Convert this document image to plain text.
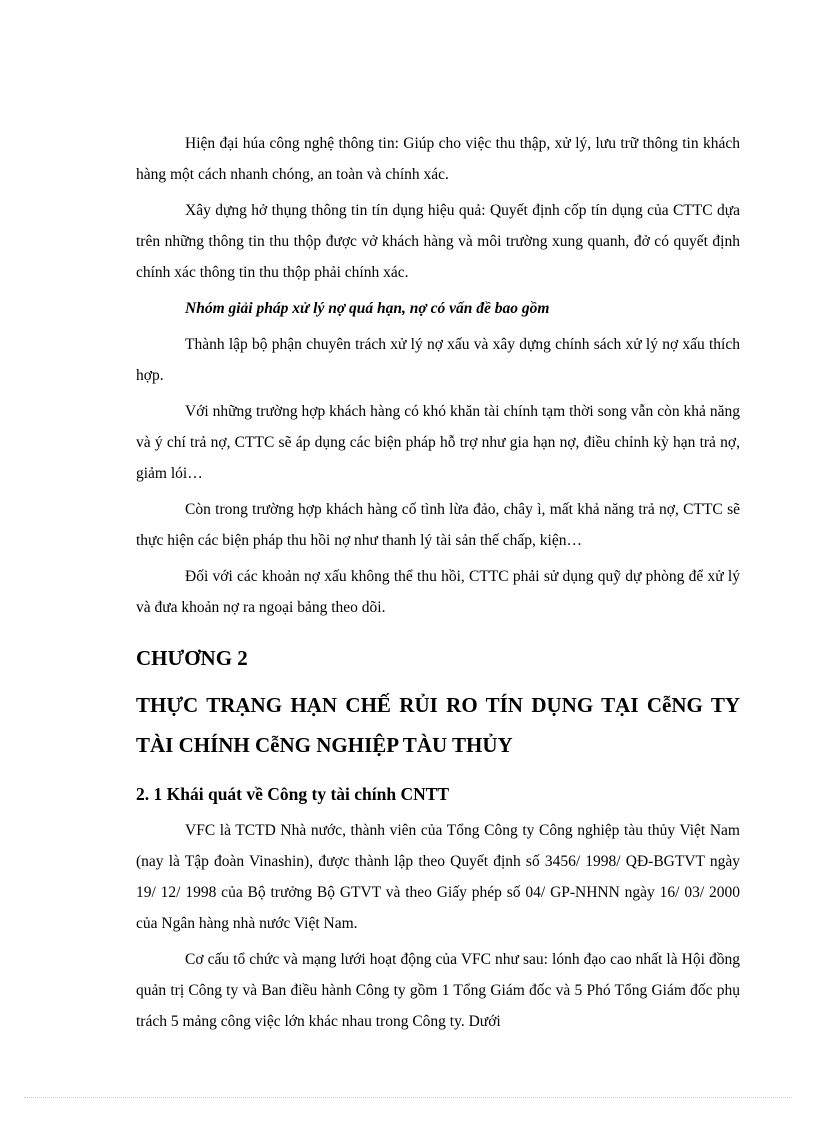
Hiện đại húa công nghệ thông tin: Giúp cho việc thu thập, xử lý, lưu trữ thông tin khách hàng một cách nhanh chóng, an toàn và chính xác.

Xây dựng hở thụng thông tin tín dụng hiệu quả: Quyết định cốp tín dụng của CTTC dựa trên những thông tin thu thộp được vở khách hàng và môi trường xung quanh, đở có quyết định chính xác thông tin thu thộp phải chính xác.

Nhóm giải pháp xử lý nợ quá hạn, nợ có vấn đề bao gồm

Thành lập bộ phận chuyên trách xử lý nợ xấu và xây dựng chính sách xử lý nợ xấu thích hợp.

Với những trường hợp khách hàng có khó khăn tài chính tạm thời song vẫn còn khả năng và ý chí trả nợ, CTTC sẽ áp dụng các biện pháp hỗ trợ như gia hạn nợ, điều chỉnh kỳ hạn trả nợ, giảm lói…

Còn trong trường hợp khách hàng cố tình lừa đảo, chây ì, mất khả năng trả nợ, CTTC sẽ thực hiện các biện pháp thu hồi nợ như thanh lý tài sản thế chấp, kiện…

Đối với các khoản nợ xấu không thể thu hồi, CTTC phải sử dụng quỹ dự phòng để xử lý và đưa khoản nợ ra ngoại bảng theo dõi.

CHƯƠNG 2
THỰC TRẠNG HẠN CHẾ RỦI RO TÍN DỤNG TẠI CễNG TY TÀI CHÍNH CễNG NGHIỆP TÀU THỦY
2. 1 Khái quát về Công ty tài chính CNTT

VFC là TCTD Nhà nước, thành viên của Tổng Công ty Công nghiệp tàu thủy Việt Nam (nay là Tập đoàn Vinashin), được thành lập theo Quyết định số 3456/ 1998/ QĐ-BGTVT ngày 19/ 12/ 1998 của Bộ trưởng Bộ GTVT và theo Giấy phép số 04/ GP-NHNN ngày 16/ 03/ 2000 của Ngân hàng nhà nước Việt Nam.

Cơ cấu tổ chức và mạng lưới hoạt động của VFC như sau: lónh đạo cao nhất là Hội đồng quản trị Công ty và Ban điều hành Công ty gồm 1 Tổng Giám đốc và 5 Phó Tổng Giám đốc phụ trách 5 mảng công việc lớn khác nhau trong Công ty. Dưới
